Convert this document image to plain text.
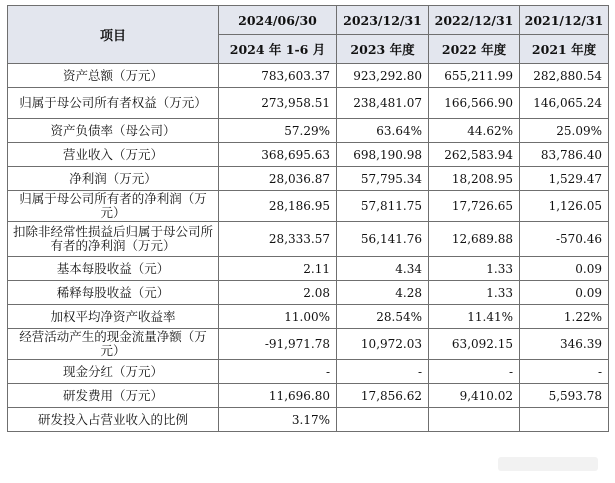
项目	2024/06/30	2023/12/31	2022/12/31	2021/12/31
	2024 年 1-6 月	2023 年度	2022 年度	2021 年度
资产总额（万元）	783,603.37	923,292.80	655,211.99	282,880.54
归属于母公司所有者权益（万元）	273,958.51	238,481.07	166,566.90	146,065.24
资产负债率（母公司）	57.29%	63.64%	44.62%	25.09%
营业收入（万元）	368,695.63	698,190.98	262,583.94	83,786.40
净利润（万元）	28,036.87	57,795.34	18,208.95	1,529.47
归属于母公司所有者的净利润（万元）	28,186.95	57,811.75	17,726.65	1,126.05
扣除非经常性损益后归属于母公司所有者的净利润（万元）	28,333.57	56,141.76	12,689.88	-570.46
基本每股收益（元）	2.11	4.34	1.33	0.09
稀释每股收益（元）	2.08	4.28	1.33	0.09
加权平均净资产收益率	11.00%	28.54%	11.41%	1.22%
经营活动产生的现金流量净额（万元）	-91,971.78	10,972.03	63,092.15	346.39
现金分红（万元）	-	-	-	-
研发费用（万元）	11,696.80	17,856.62	9,410.02	5,593.78
研发投入占营业收入的比例	3.17%			
